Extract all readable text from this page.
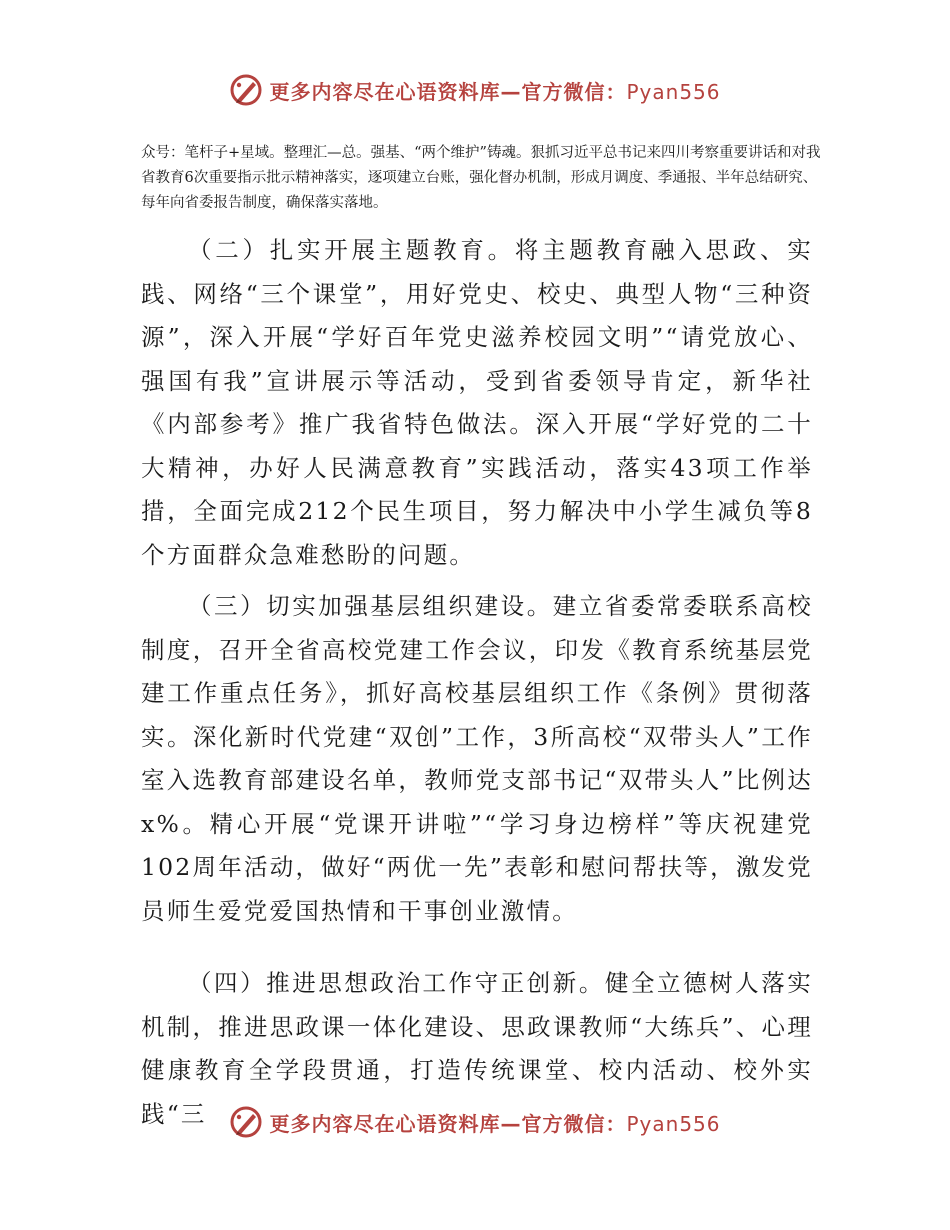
更多内容尽在心语资料库—官方微信：Pyan556

众号：笔杆子+星域。整理汇—总。强基、“两个维护”铸魂。狠抓习近平总书记来四川考察重要讲话和对我省教育6次重要指示批示精神落实，逐项建立台账，强化督办机制，形成月调度、季通报、半年总结研究、每年向省委报告制度，确保落实落地。

（二）扎实开展主题教育。将主题教育融入思政、实践、网络“三个课堂”，用好党史、校史、典型人物“三种资源”，深入开展“学好百年党史滋养校园文明”“请党放心、强国有我”宣讲展示等活动，受到省委领导肯定，新华社《内部参考》推广我省特色做法。深入开展“学好党的二十大精神，办好人民满意教育”实践活动，落实43项工作举措，全面完成212个民生项目，努力解决中小学生减负等8个方面群众急难愁盼的问题。

（三）切实加强基层组织建设。建立省委常委联系高校制度，召开全省高校党建工作会议，印发《教育系统基层党建工作重点任务》，抓好高校基层组织工作《条例》贯彻落实。深化新时代党建“双创”工作，3所高校“双带头人”工作室入选教育部建设名单，教师党支部书记“双带头人”比例达x%。精心开展“党课开讲啦”“学习身边榜样”等庆祝建党102周年活动，做好“两优一先”表彰和慰问帮扶等，激发党员师生爱党爱国热情和干事创业激情。

（四）推进思想政治工作守正创新。健全立德树人落实机制，推进思政课一体化建设、思政课教师“大练兵”、心理健康教育全学段贯通，打造传统课堂、校内活动、校外实践“三	更多内容尽在心语资料库—官方微信：Pyan556
